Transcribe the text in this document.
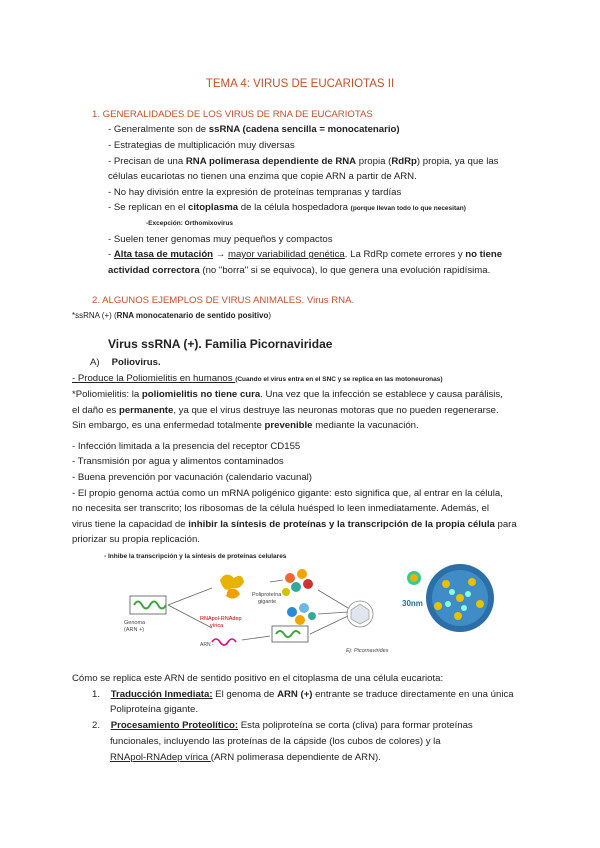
TEMA 4: VIRUS DE EUCARIOTAS II
1. GENERALIDADES DE LOS VIRUS DE RNA DE EUCARIOTAS
- Generalmente son de ssRNA (cadena sencilla = monocatenario)
- Estrategias de multiplicación muy diversas
- Precisan de una RNA polimerasa dependiente de RNA propia (RdRp) propia, ya que las
células eucariotas no tienen una enzima que copie ARN a partir de ARN.
- No hay división entre la expresión de proteínas tempranas y tardías
- Se replican en el citoplasma de la célula hospedadora (porque llevan todo lo que necesitan)
-Excepción: Orthomixovirus
- Suelen tener genomas muy pequeños y compactos
- Alta tasa de mutación → mayor variabilidad genética. La RdRp comete errores y no tiene
actividad correctora (no "borra" si se equivoca), lo que genera una evolución rapidísima.
2. ALGUNOS EJEMPLOS DE VIRUS ANIMALES. Virus RNA.
*ssRNA (+) (RNA monocatenario de sentido positivo)
Virus ssRNA (+). Familia Picornaviridae
A) Poliovirus.
- Produce la Poliomielitis en humanos (Cuando el virus entra en el SNC y se replica en las motoneuronas)
*Poliomielitis: la poliomielitis no tiene cura. Una vez que la infección se establece y causa parálisis,
el daño es permanente, ya que el virus destruye las neuronas motoras que no pueden regenerarse.
Sin embargo, es una enfermedad totalmente prevenible mediante la vacunación.
- Infección limitada a la presencia del receptor CD155
- Transmisión por agua y alimentos contaminados
- Buena prevención por vacunación (calendario vacunal)
- El propio genoma actúa como un mRNA poligénico gigante: esto significa que, al entrar en la célula,
no necesita ser transcrito; los ribosomas de la célula huésped lo leen inmediatamente. Además, el
virus tiene la capacidad de inhibir la síntesis de proteínas y la transcripción de la propia célula para
priorizar su propia replicación.
- Inhibe la transcripción y la síntesis de proteínas celulares
Genoma
(ARN +)
Poliproteína
gigante
RNApol-RNAdep
vírica
ARN -
Ej: Picornavirides
30nm
Cómo se replica este ARN de sentido positivo en el citoplasma de una célula eucariota:
1. Traducción Inmediata: El genoma de ARN (+) entrante se traduce directamente en una única
Poliproteína gigante.
2. Procesamiento Proteolítico: Esta poliproteína se corta (cliva) para formar proteínas
funcionales, incluyendo las proteínas de la cápside (los cubos de colores) y la
RNApol-RNAdep vírica (ARN polimerasa dependiente de ARN).
